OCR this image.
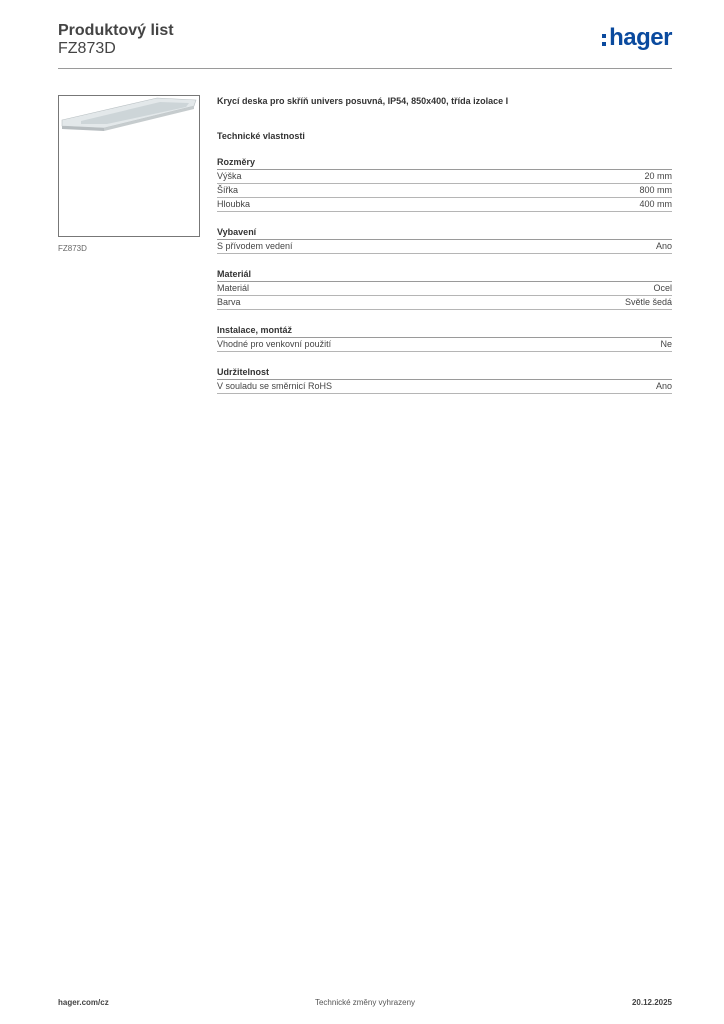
Produktový list
FZ873D	hager
FZ873D
Krycí deska pro skříň univers posuvná, IP54, 850x400, třída izolace I
Technické vlastnosti
Rozměry
Výška	20 mm
Šířka	800 mm
Hloubka	400 mm
Vybavení
S přívodem vedení	Ano
Materiál
Materiál	Ocel
Barva	Světle šedá
Instalace, montáž
Vhodné pro venkovní použití	Ne
Udržitelnost
V souladu se směrnicí RoHS	Ano
hager.com/cz	Technické změny vyhrazeny	20.12.2025
